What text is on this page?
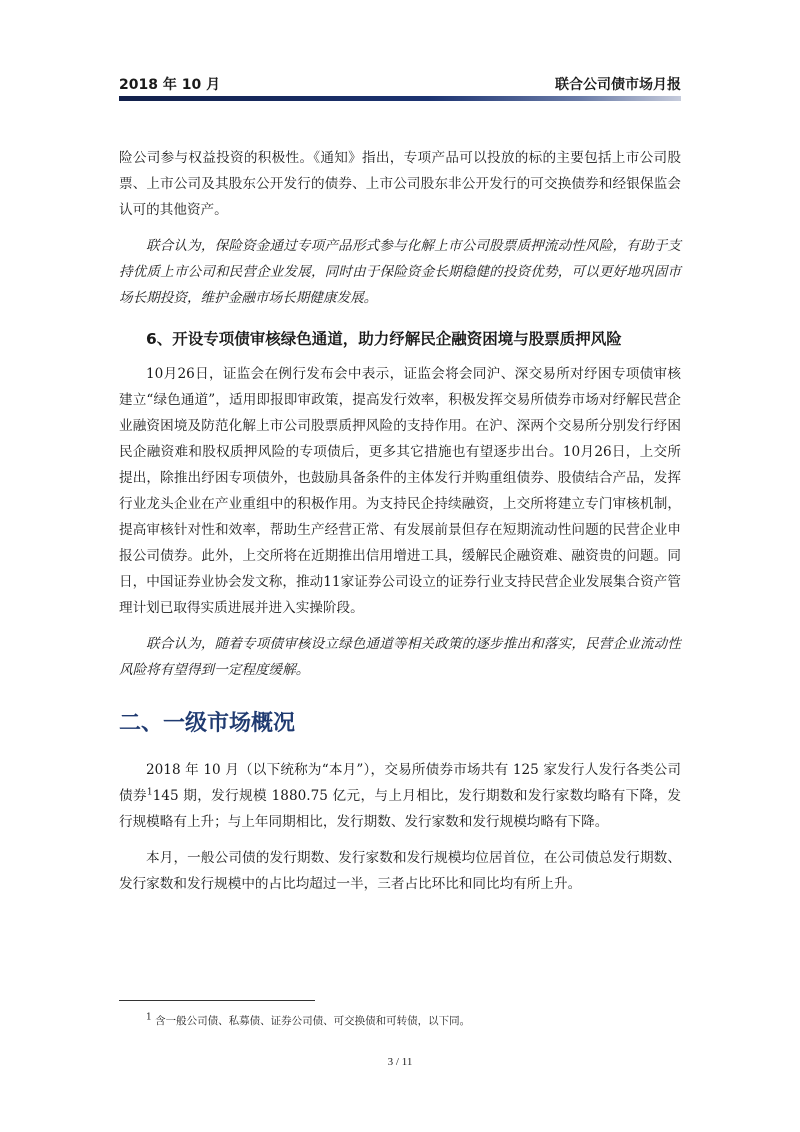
2018 年 10 月	联合公司债市场月报

险公司参与权益投资的积极性。《通知》指出，专项产品可以投放的标的主要包括上市公司股票、上市公司及其股东公开发行的债券、上市公司股东非公开发行的可交换债券和经银保监会认可的其他资产。

联合认为，保险资金通过专项产品形式参与化解上市公司股票质押流动性风险，有助于支持优质上市公司和民营企业发展，同时由于保险资金长期稳健的投资优势，可以更好地巩固市场长期投资，维护金融市场长期健康发展。

6、开设专项债审核绿色通道，助力纾解民企融资困境与股票质押风险

10月26日，证监会在例行发布会中表示，证监会将会同沪、深交易所对纾困专项债审核建立“绿色通道”，适用即报即审政策，提高发行效率，积极发挥交易所债券市场对纾解民营企业融资困境及防范化解上市公司股票质押风险的支持作用。在沪、深两个交易所分别发行纾困民企融资难和股权质押风险的专项债后，更多其它措施也有望逐步出台。10月26日，上交所提出，除推出纾困专项债外，也鼓励具备条件的主体发行并购重组债券、股债结合产品，发挥行业龙头企业在产业重组中的积极作用。为支持民企持续融资，上交所将建立专门审核机制，提高审核针对性和效率，帮助生产经营正常、有发展前景但存在短期流动性问题的民营企业申报公司债券。此外，上交所将在近期推出信用增进工具，缓解民企融资难、融资贵的问题。同日，中国证券业协会发文称，推动11家证券公司设立的证券行业支持民营企业发展集合资产管理计划已取得实质进展并进入实操阶段。

联合认为，随着专项债审核设立绿色通道等相关政策的逐步推出和落实，民营企业流动性风险将有望得到一定程度缓解。

二、一级市场概况

2018 年 10 月（以下统称为“本月”），交易所债券市场共有 125 家发行人发行各类公司债券$^1$145 期，发行规模 1880.75 亿元，与上月相比，发行期数和发行家数均略有下降，发行规模略有上升；与上年同期相比，发行期数、发行家数和发行规模均略有下降。

本月，一般公司债的发行期数、发行家数和发行规模均位居首位，在公司债总发行期数、发行家数和发行规模中的占比均超过一半，三者占比环比和同比均有所上升。

$^1$ 含一般公司债、私募债、证券公司债、可交换债和可转债，以下同。
3 / 11
